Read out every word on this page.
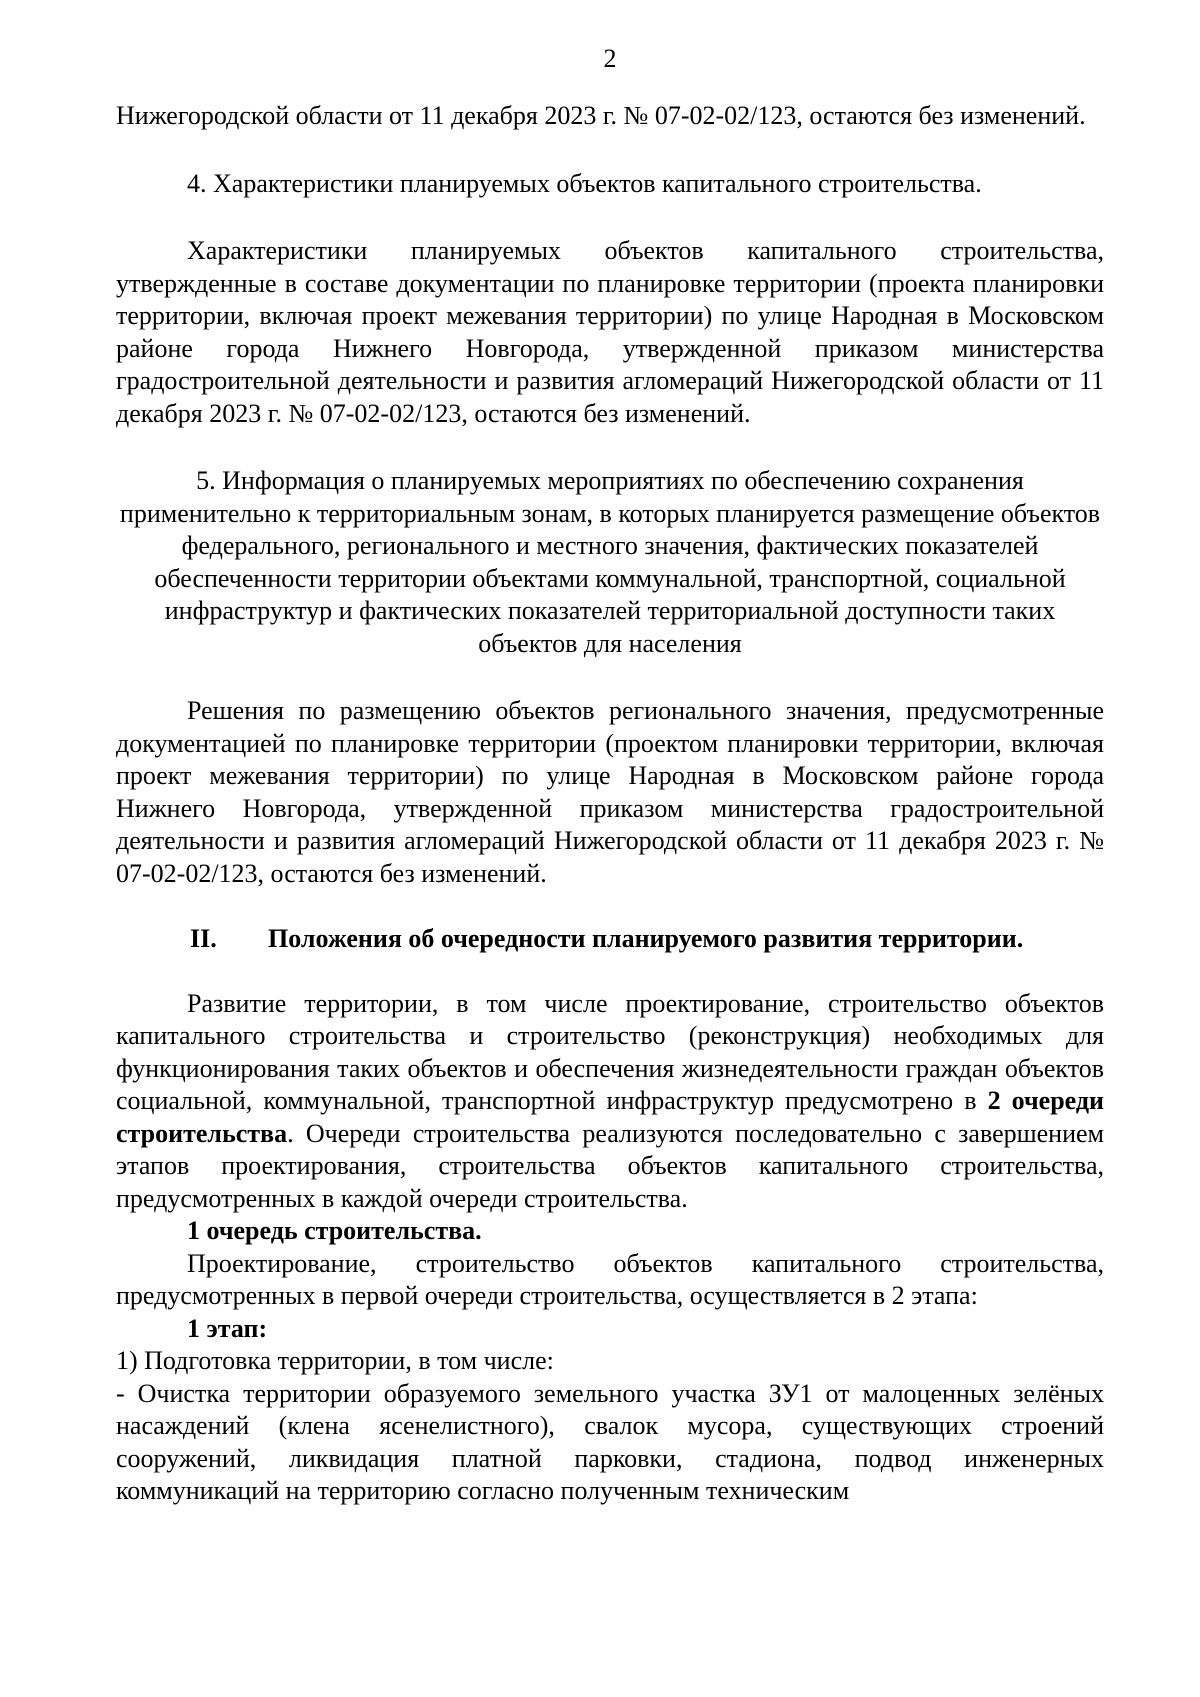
2

Нижегородской области от 11 декабря 2023 г. № 07-02-02/123, остаются без изменений.

4. Характеристики планируемых объектов капитального строительства.

Характеристики планируемых объектов капитального строительства, утвержденные в составе документации по планировке территории (проекта планировки территории, включая проект межевания территории) по улице Народная в Московском районе города Нижнего Новгорода, утвержденной приказом министерства градостроительной деятельности и развития агломераций Нижегородской области от 11 декабря 2023 г. № 07-02-02/123, остаются без изменений.

5. Информация о планируемых мероприятиях по обеспечению сохранения применительно к территориальным зонам, в которых планируется размещение объектов федерального, регионального и местного значения, фактических показателей обеспеченности территории объектами коммунальной, транспортной, социальной инфраструктур и фактических показателей территориальной доступности таких объектов для населения

Решения по размещению объектов регионального значения, предусмотренные документацией по планировке территории (проектом планировки территории, включая проект межевания территории) по улице Народная в Московском районе города Нижнего Новгорода, утвержденной приказом министерства градостроительной деятельности и развития агломераций Нижегородской области от 11 декабря 2023 г. № 07-02-02/123, остаются без изменений.

II.	Положения об очередности планируемого развития территории.

Развитие территории, в том числе проектирование, строительство объектов капитального строительства и строительство (реконструкция) необходимых для функционирования таких объектов и обеспечения жизнедеятельности граждан объектов социальной, коммунальной, транспортной инфраструктур предусмотрено в 2 очереди строительства. Очереди строительства реализуются последовательно с завершением этапов проектирования, строительства объектов капитального строительства, предусмотренных в каждой очереди строительства.

1 очередь строительства.

Проектирование, строительство объектов капитального строительства, предусмотренных в первой очереди строительства, осуществляется в 2 этапа:

1 этап:

1) Подготовка территории, в том числе:

- Очистка территории образуемого земельного участка ЗУ1 от малоценных зелёных насаждений (клена ясенелистного), свалок мусора, существующих строений сооружений, ликвидация платной парковки, стадиона, подвод инженерных коммуникаций на территорию согласно полученным техническим
